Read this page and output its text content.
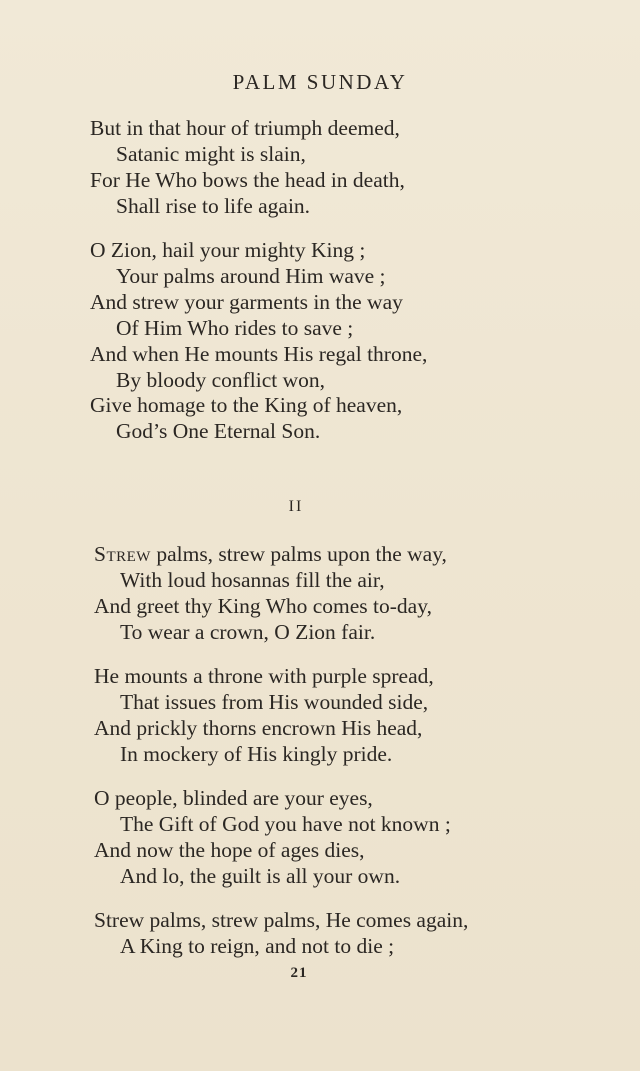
PALM SUNDAY
But in that hour of triumph deemed,
Satanic might is slain,
For He Who bows the head in death,
Shall rise to life again.
O Zion, hail your mighty King ;
Your palms around Him wave ;
And strew your garments in the way
Of Him Who rides to save ;
And when He mounts His regal throne,
By bloody conflict won,
Give homage to the King of heaven,
God’s One Eternal Son.
II
Strew palms, strew palms upon the way,
With loud hosannas fill the air,
And greet thy King Who comes to-day,
To wear a crown, O Zion fair.
He mounts a throne with purple spread,
That issues from His wounded side,
And prickly thorns encrown His head,
In mockery of His kingly pride.
O people, blinded are your eyes,
The Gift of God you have not known ;
And now the hope of ages dies,
And lo, the guilt is all your own.
Strew palms, strew palms, He comes again,
A King to reign, and not to die ;
21
